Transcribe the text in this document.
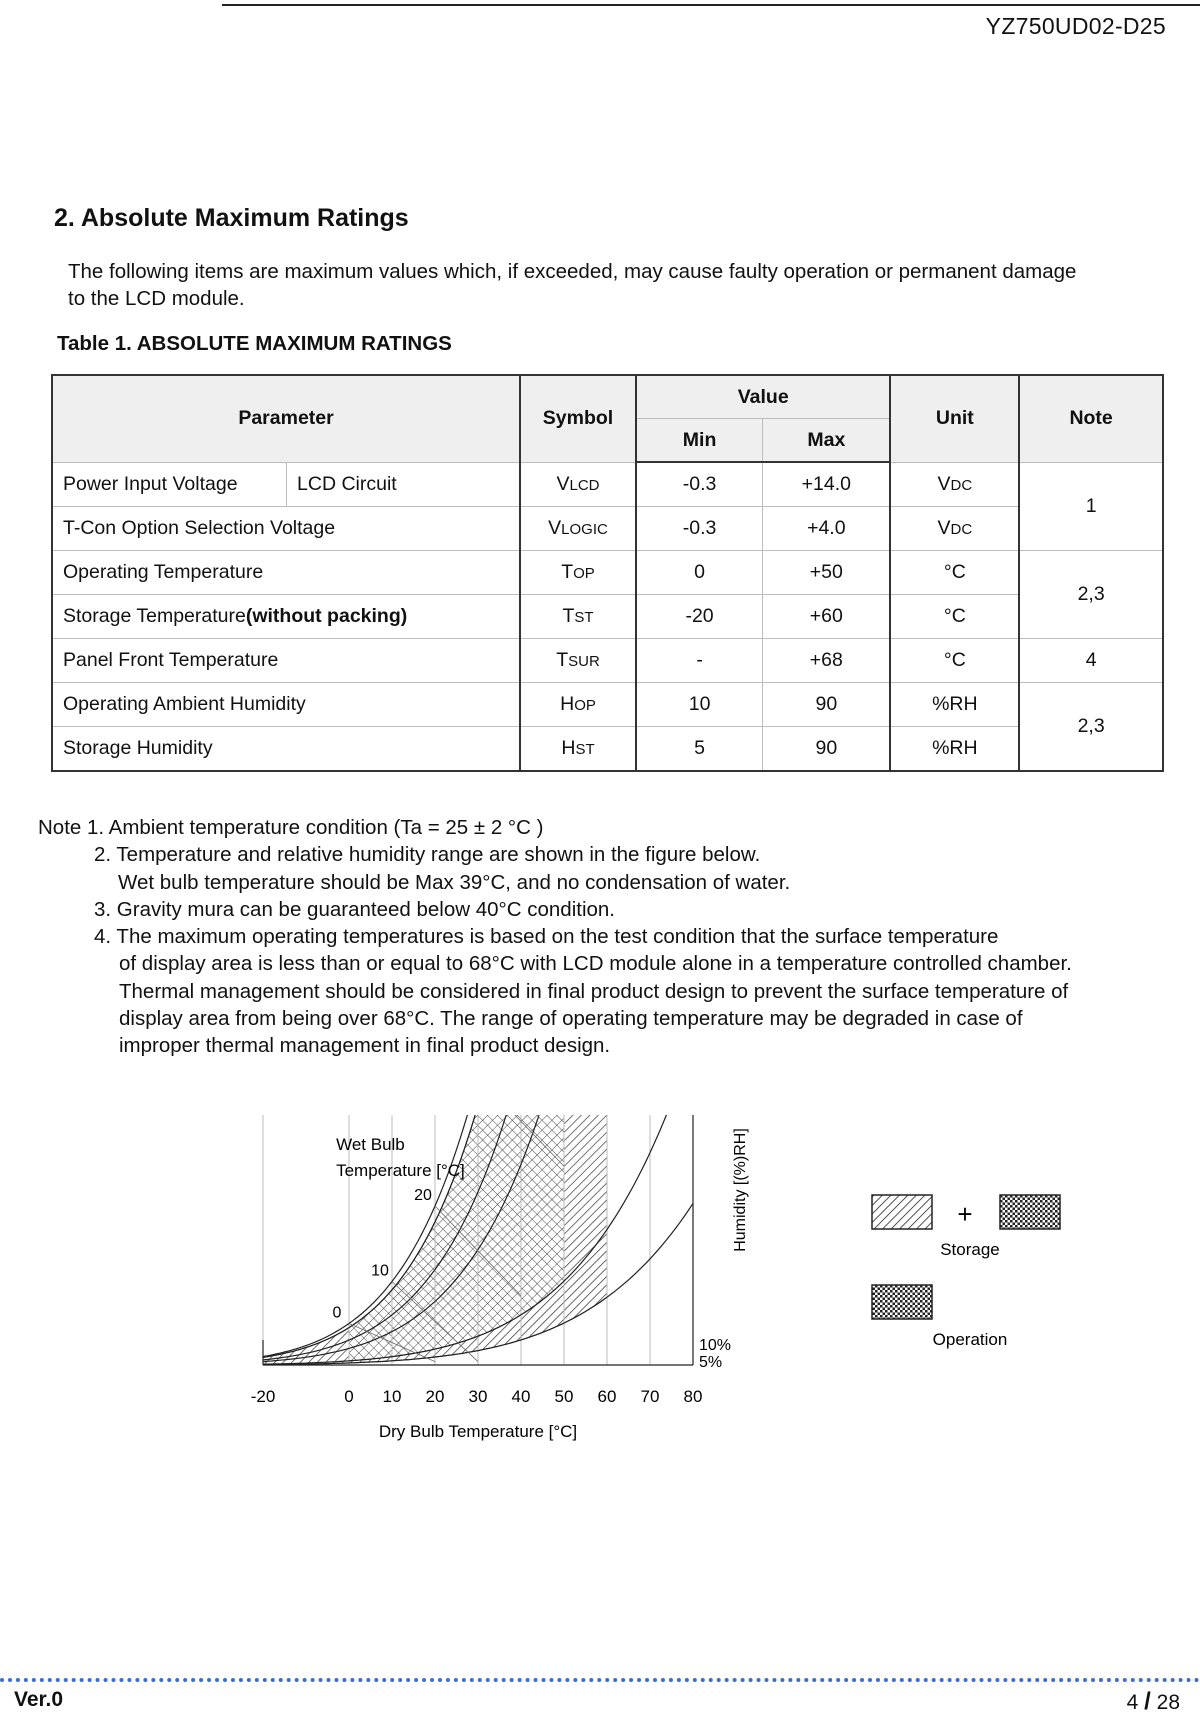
YZ750UD02-D25
2. Absolute Maximum Ratings
The following items are maximum values which, if exceeded, may cause faulty operation or permanent damage
to the LCD module.
Table 1. ABSOLUTE MAXIMUM RATINGS
Parameter		Symbol	Value		Unit	Note
			Min	Max		
Power Input Voltage	LCD Circuit	VLCD	-0.3	+14.0	VDC	1
T-Con Option Selection Voltage		VLOGIC	-0.3	+4.0	VDC	
Operating Temperature		TOP	0	+50	°C	2,3
Storage Temperature(without packing)		TST	-20	+60	°C	
Panel Front Temperature		TSUR	-	+68	°C	4
Operating Ambient Humidity		HOP	10	90	%RH	2,3
Storage Humidity		HST	5	90	%RH	
Note 1. Ambient temperature condition (Ta = 25 ± 2 °C )
2. Temperature and relative humidity range are shown in the figure below.
Wet bulb temperature should be Max 39°C, and no condensation of water.
3. Gravity mura can be guaranteed below 40°C condition.
4. The maximum operating temperatures is based on the test condition that the surface temperature
of display area is less than or equal to 68°C with LCD module alone in a temperature controlled chamber.
Thermal management should be considered in final product design to prevent the surface temperature of
display area from being over 68°C. The range of operating temperature may be degraded in case of
improper thermal management in final product design.
-20	0 10 20 30 40 50 60 70 80
0
10
20
10%
5%
Dry Bulb Temperature [°C]
Humidity [(%)RH]
Wet Bulb
Temperature [°C]
+
Storage
Operation
Ver.0	4 / 28
